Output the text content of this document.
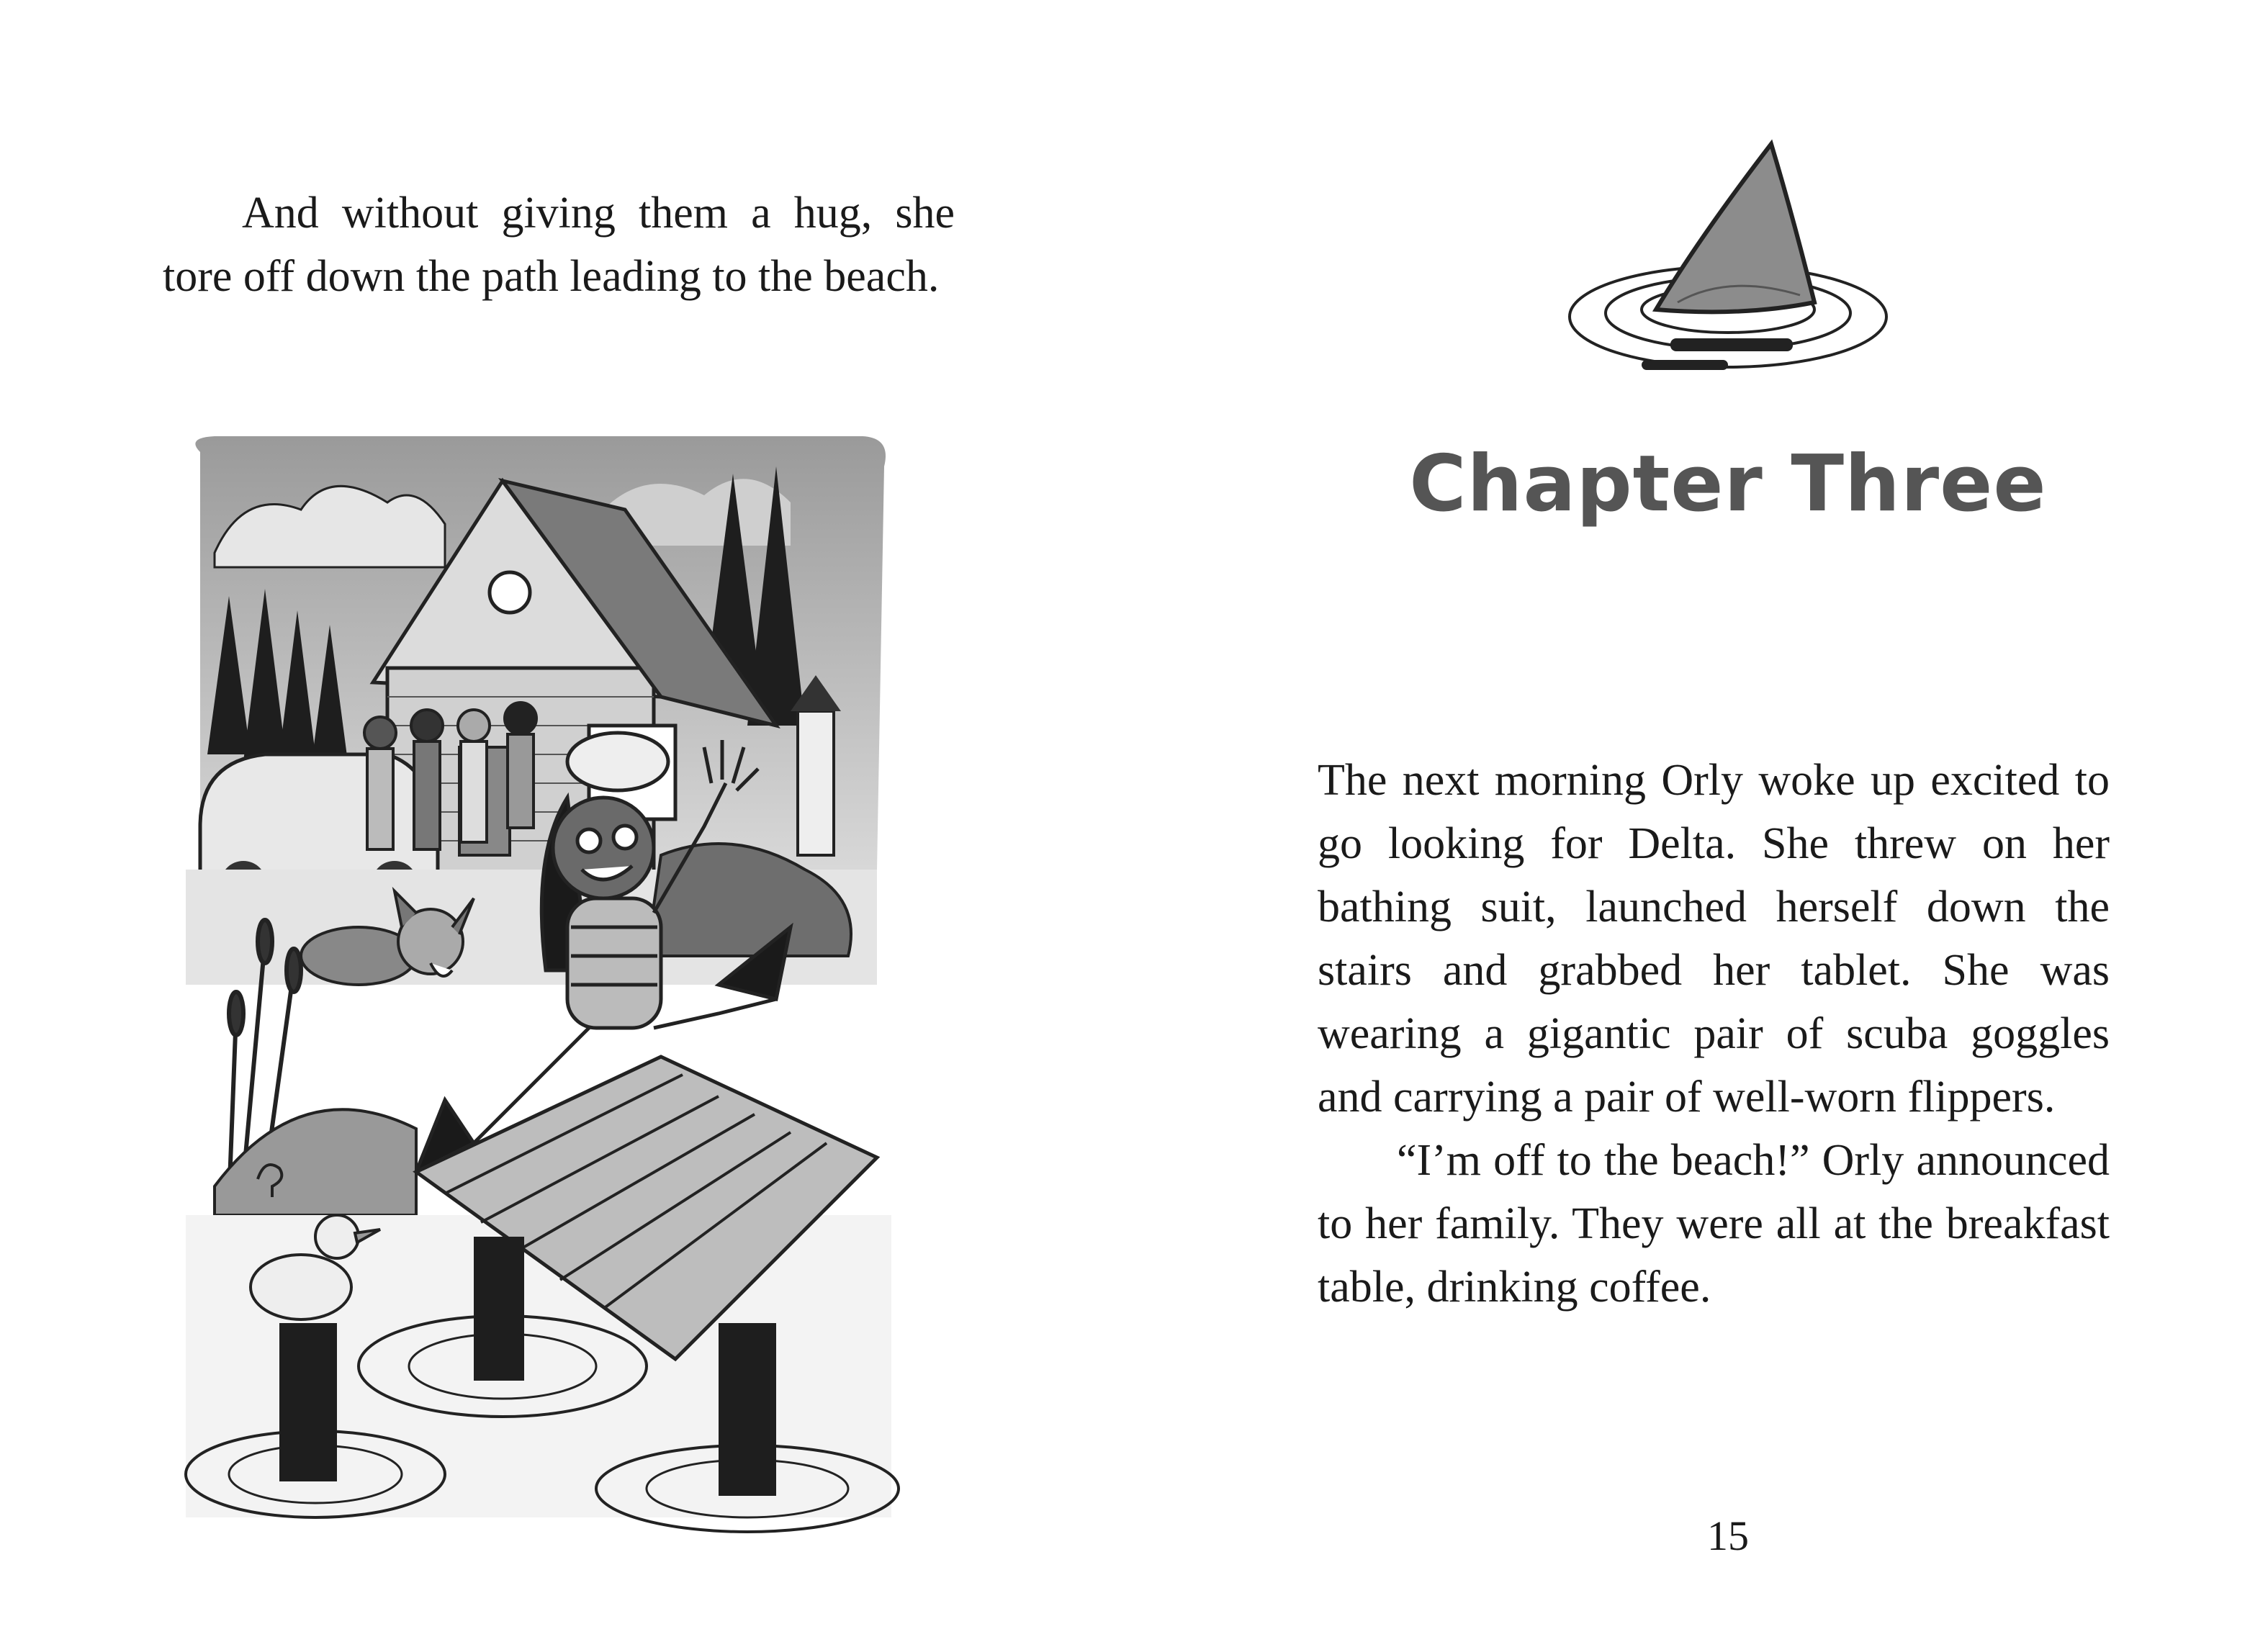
And without giving them a hug, she tore off down the path leading to the beach.

Chapter Three

The next morning Orly woke up excited to go looking for Delta. She threw on her bathing suit, launched herself down the stairs and grabbed her tablet. She was wearing a gigantic pair of scuba goggles and carrying a pair of well-worn flippers.

“I’m off to the beach!” Orly announced to her family. They were all at the breakfast table, drinking coffee.

15
